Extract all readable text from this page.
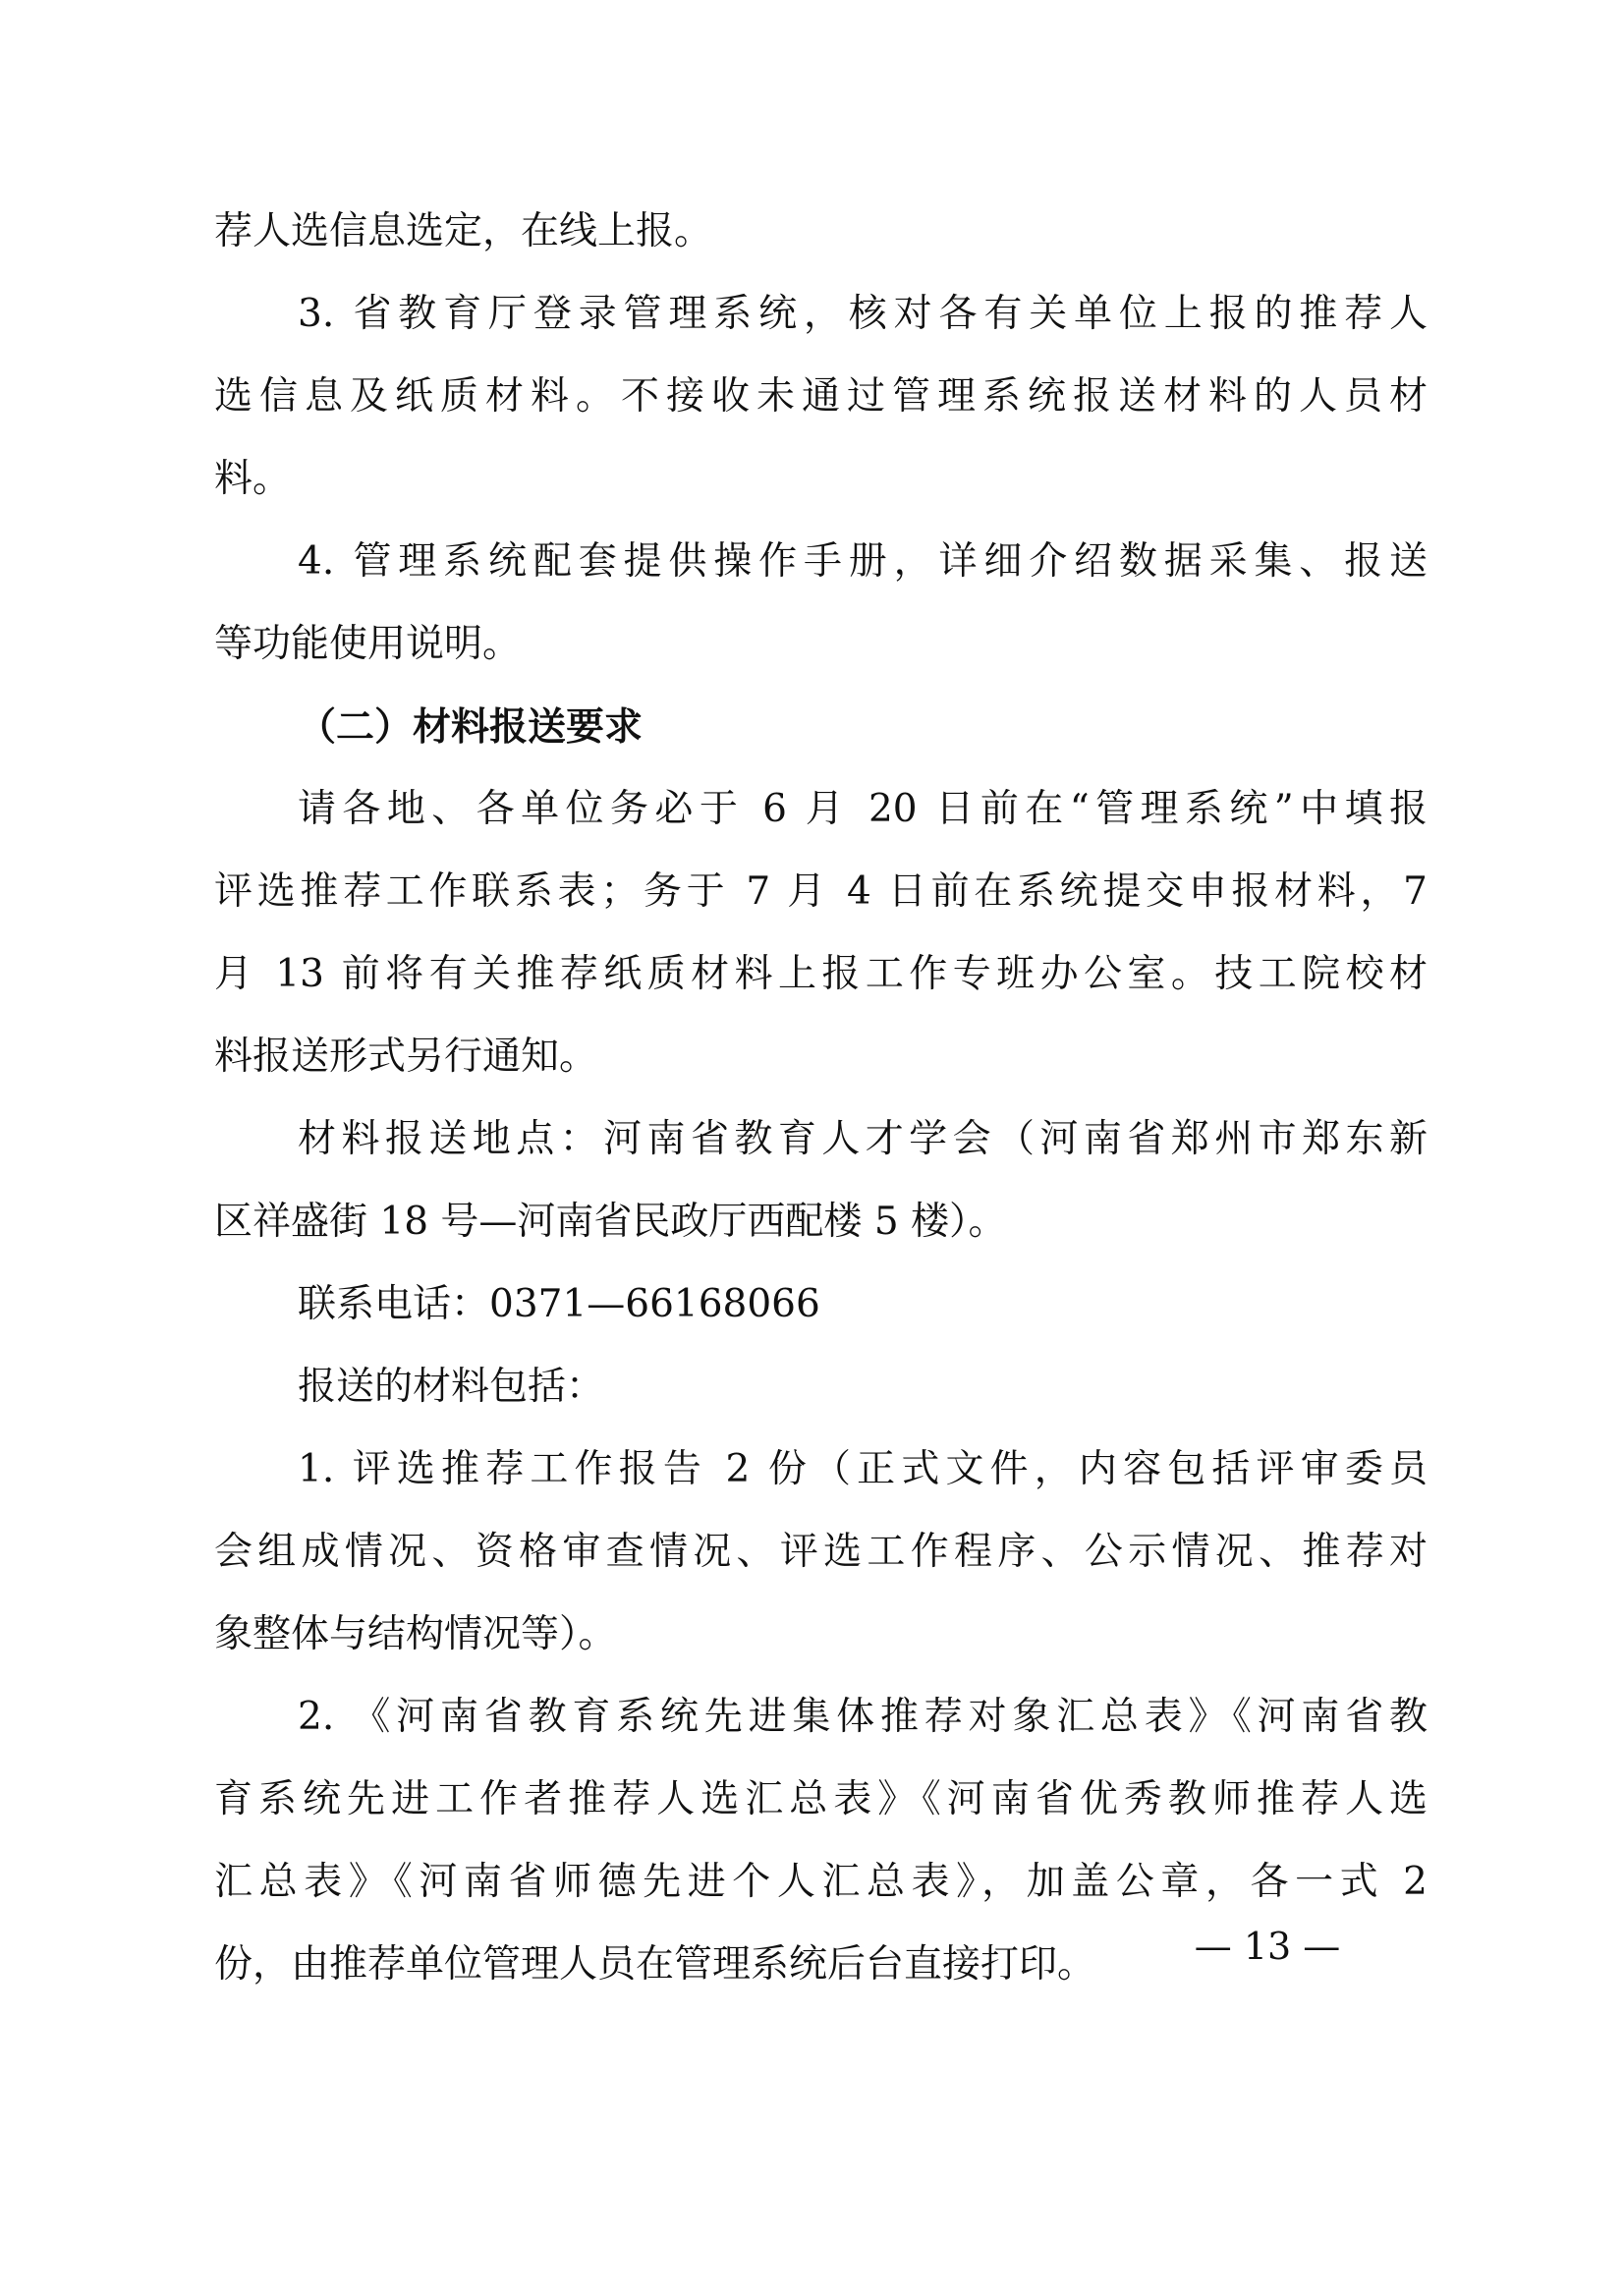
荐人选信息选定，在线上报。
3. 省教育厅登录管理系统，核对各有关单位上报的推荐人
选信息及纸质材料。不接收未通过管理系统报送材料的人员材
料。
4. 管理系统配套提供操作手册，详细介绍数据采集、报送
等功能使用说明。
（二）材料报送要求
请各地、各单位务必于 6 月 20 日前在“管理系统”中填报
评选推荐工作联系表；务于 7 月 4 日前在系统提交申报材料，7
月 13 前将有关推荐纸质材料上报工作专班办公室。技工院校材
料报送形式另行通知。
材料报送地点：河南省教育人才学会（河南省郑州市郑东新
区祥盛街 18 号—河南省民政厅西配楼 5 楼）。
联系电话：0371—66168066
报送的材料包括：
1. 评选推荐工作报告 2 份（正式文件，内容包括评审委员
会组成情况、资格审查情况、评选工作程序、公示情况、推荐对
象整体与结构情况等）。
2. 《河南省教育系统先进集体推荐对象汇总表》《河南省教
育系统先进工作者推荐人选汇总表》《河南省优秀教师推荐人选
汇总表》《河南省师德先进个人汇总表》，加盖公章，各一式 2
份，由推荐单位管理人员在管理系统后台直接打印。	— 13 —
